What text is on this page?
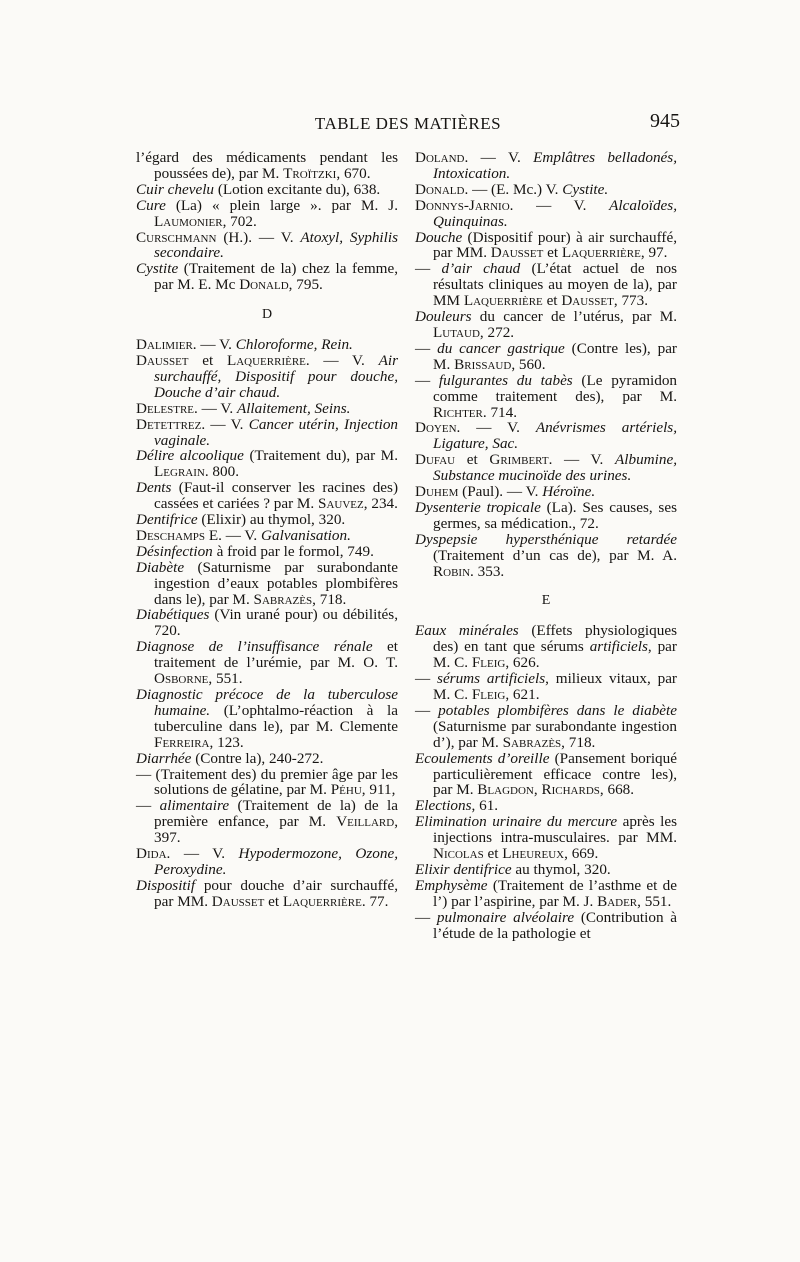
TABLE DES MATIÈRES	945

l’égard des médicaments pendant les poussées de), par M. Troïtzki, 670.

Cuir chevelu (Lotion excitante du), 638.

Cure (La) « plein large ». par M. J. Laumonier, 702.

Curschmann (H.). — V. Atoxyl, Syphilis secondaire.

Cystite (Traitement de la) chez la femme, par M. E. Mc Donald, 795.

D

Dalimier. — V. Chloroforme, Rein.

Dausset et Laquerrière. — V. Air surchauffé, Dispositif pour douche, Douche d’air chaud.

Delestre. — V. Allaitement, Seins.

Detettrez. — V. Cancer utérin, Injection vaginale.

Délire alcoolique (Traitement du), par M. Legrain. 800.

Dents (Faut-il conserver les racines des) cassées et cariées ? par M. Sauvez, 234.

Dentifrice (Elixir) au thymol, 320.

Deschamps E. — V. Galvanisation.

Désinfection à froid par le formol, 749.

Diabète (Saturnisme par surabondante ingestion d’eaux potables plombifères dans le), par M. Sabrazès, 718.

Diabétiques (Vin urané pour) ou débilités, 720.

Diagnose de l’insuffisance rénale et traitement de l’urémie, par M. O. T. Osborne, 551.

Diagnostic précoce de la tuberculose humaine. (L’ophtalmo-réaction à la tuberculine dans le), par M. Clemente Ferreira, 123.

Diarrhée (Contre la), 240-272.

— (Traitement des) du premier âge par les solutions de gélatine, par M. Péhu, 911,

— alimentaire (Traitement de la) de la première enfance, par M. Veillard, 397.

Dida. — V. Hypodermozone, Ozone, Peroxydine.

Dispositif pour douche d’air surchauffé, par MM. Dausset et Laquerrière. 77.

Doland. — V. Emplâtres belladonés, Intoxication.

Donald. — (E. Mc.) V. Cystite.

Donnys-Jarnio. — V. Alcaloïdes, Quinquinas.

Douche (Dispositif pour) à air surchauffé, par MM. Dausset et Laquerrière, 97.

— d’air chaud (L’état actuel de nos résultats cliniques au moyen de la), par MM Laquerrière et Dausset, 773.

Douleurs du cancer de l’utérus, par M. Lutaud, 272.

— du cancer gastrique (Contre les), par M. Brissaud, 560.

— fulgurantes du tabès (Le pyramidon comme traitement des), par M. Richter. 714.

Doyen. — V. Anévrismes artériels, Ligature, Sac.

Dufau et Grimbert. — V. Albumine, Substance mucinoïde des urines.

Duhem (Paul). — V. Héroïne.

Dysenterie tropicale (La). Ses causes, ses germes, sa médication., 72.

Dyspepsie hypersthénique retardée (Traitement d’un cas de), par M. A. Robin. 353.

E

Eaux minérales (Effets physiologiques des) en tant que sérums artificiels, par M. C. Fleig, 626.

— sérums artificiels, milieux vitaux, par M. C. Fleig, 621.

— potables plombifères dans le diabète (Saturnisme par surabondante ingestion d’), par M. Sabrazès, 718.

Ecoulements d’oreille (Pansement boriqué particulièrement efficace contre les), par M. Blagdon, Richards, 668.

Elections, 61.

Elimination urinaire du mercure après les injections intra-musculaires. par MM. Nicolas et Lheureux, 669.

Elixir dentifrice au thymol, 320.

Emphysème (Traitement de l’asthme et de l’) par l’aspirine, par M. J. Bader, 551.

— pulmonaire alvéolaire (Contribution à l’étude de la pathologie et
